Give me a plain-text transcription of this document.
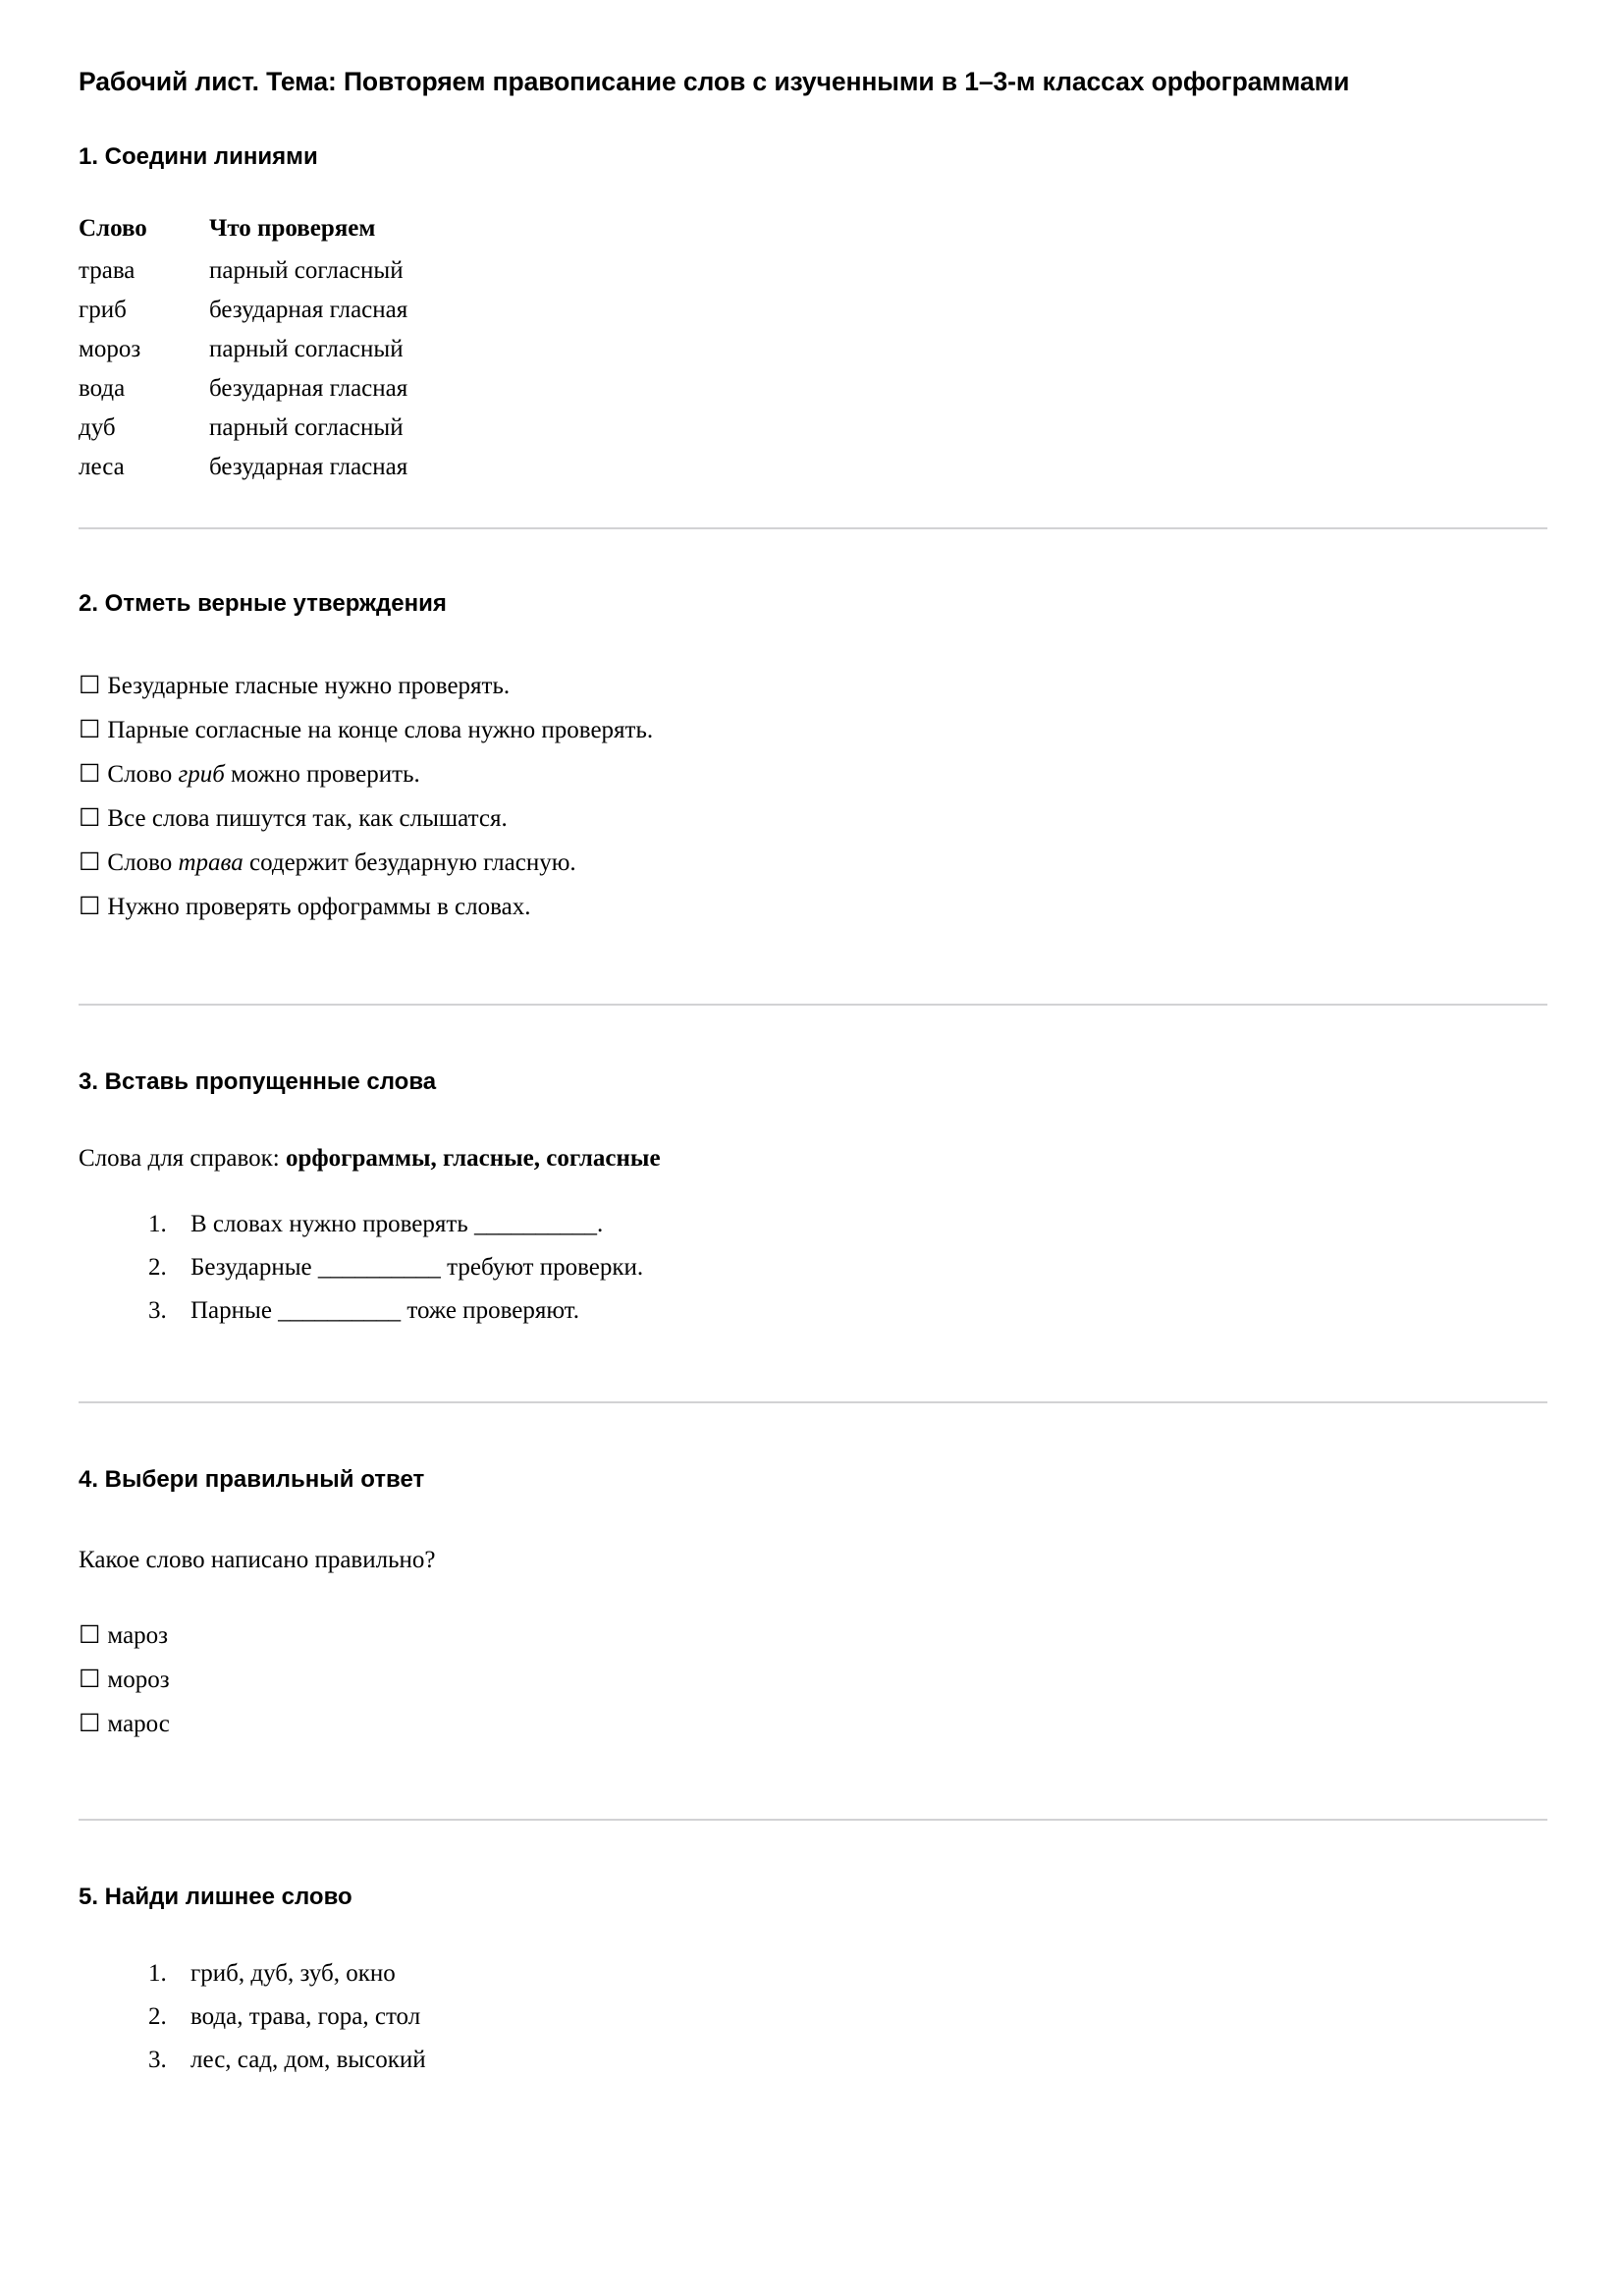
Рабочий лист. Тема: Повторяем правописание слов с изученными в 1–3-м классах орфограммами
1. Соедини линиями
Слово	Что проверяем
трава	парный согласный
гриб	безударная гласная
мороз	парный согласный
вода	безударная гласная
дуб	парный согласный
леса	безударная гласная
2. Отметь верные утверждения
☐ Безударные гласные нужно проверять.
☐ Парные согласные на конце слова нужно проверять.
☐ Слово гриб можно проверить.
☐ Все слова пишутся так, как слышатся.
☐ Слово трава содержит безударную гласную.
☐ Нужно проверять орфограммы в словах.
3. Вставь пропущенные слова

Слова для справок: орфограммы, гласные, согласные

1. В словах нужно проверять __________.
2. Безударные __________ требуют проверки.
3. Парные __________ тоже проверяют.
4. Выбери правильный ответ

Какое слово написано правильно?

☐ мароз
☐ мороз
☐ марос
5. Найди лишнее слово
1. гриб, дуб, зуб, окно
2. вода, трава, гора, стол
3. лес, сад, дом, высокий
